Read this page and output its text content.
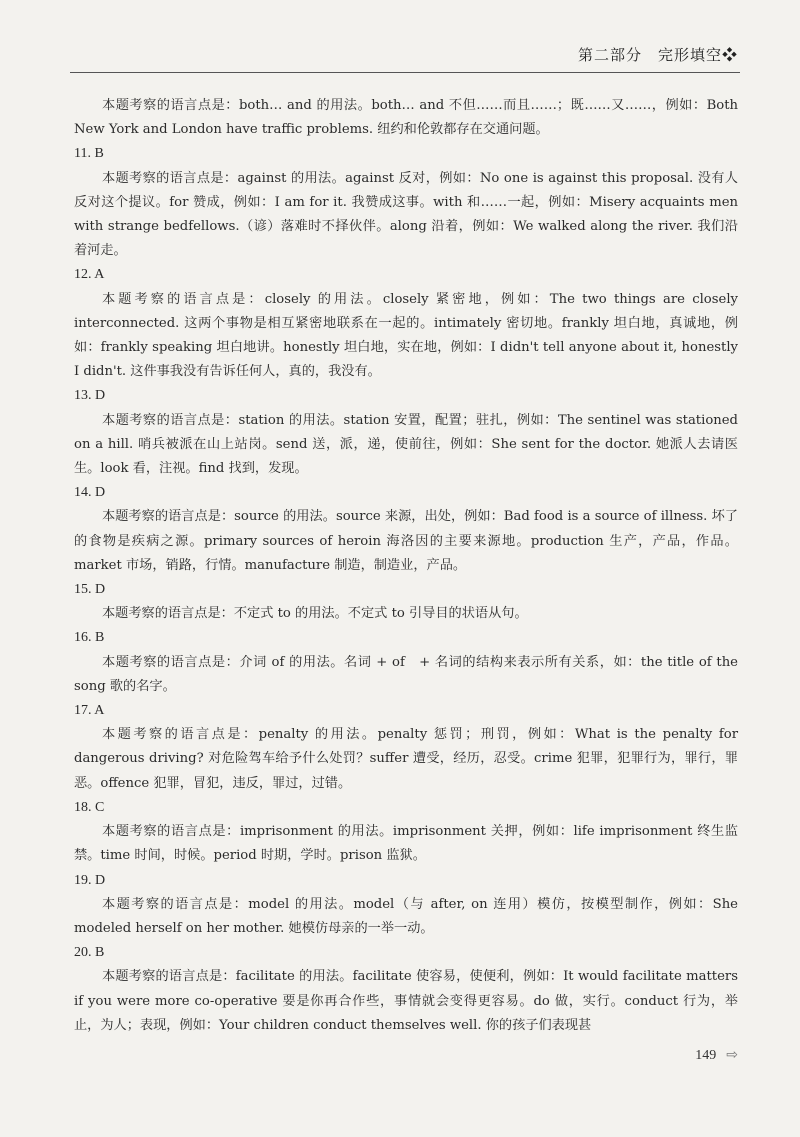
第二部分　完形填空❖

本题考察的语言点是：both… and 的用法。both… and 不但……而且……；既……又……，例如：Both New York and London have traffic problems. 纽约和伦敦都存在交通问题。

11. B

本题考察的语言点是：against 的用法。against 反对，例如：No one is against this proposal. 没有人反对这个提议。for 赞成，例如：I am for it. 我赞成这事。with 和……一起，例如：Misery acquaints men with strange bedfellows.（谚）落难时不择伙伴。along 沿着，例如：We walked along the river. 我们沿着河走。

12. A

本题考察的语言点是：closely 的用法。closely 紧密地，例如：The two things are closely interconnected. 这两个事物是相互紧密地联系在一起的。intimately 密切地。frankly 坦白地，真诚地，例如：frankly speaking 坦白地讲。honestly 坦白地，实在地，例如：I didn't tell anyone about it, honestly I didn't. 这件事我没有告诉任何人，真的，我没有。

13. D

本题考察的语言点是：station 的用法。station 安置，配置；驻扎，例如：The sentinel was stationed on a hill. 哨兵被派在山上站岗。send 送，派，递，使前往，例如：She sent for the doctor. 她派人去请医生。look 看，注视。find 找到，发现。

14. D

本题考察的语言点是：source 的用法。source 来源，出处，例如：Bad food is a source of illness. 坏了的食物是疾病之源。primary sources of heroin 海洛因的主要来源地。production 生产，产品，作品。market 市场，销路，行情。manufacture 制造，制造业，产品。

15. D

本题考察的语言点是：不定式 to 的用法。不定式 to 引导目的状语从句。

16. B

本题考察的语言点是：介词 of 的用法。名词 + of　+ 名词的结构来表示所有关系，如：the title of the song 歌的名字。

17. A

本题考察的语言点是：penalty 的用法。penalty 惩罚；刑罚，例如：What is the penalty for dangerous driving? 对危险驾车给予什么处罚？suffer 遭受，经历，忍受。crime 犯罪，犯罪行为，罪行，罪恶。offence 犯罪，冒犯，违反，罪过，过错。

18. C

本题考察的语言点是：imprisonment 的用法。imprisonment 关押，例如：life imprisonment 终生监禁。time 时间，时候。period 时期，学时。prison 监狱。

19. D

本题考察的语言点是：model 的用法。model（与 after, on 连用）模仿，按模型制作，例如：She modeled herself on her mother. 她模仿母亲的一举一动。

20. B

本题考察的语言点是：facilitate 的用法。facilitate 使容易，使便利，例如：It would facilitate matters if you were more co-operative 要是你再合作些，事情就会变得更容易。do 做，实行。conduct 行为，举止，为人；表现，例如：Your children conduct themselves well. 你的孩子们表现甚

149 ⇨
